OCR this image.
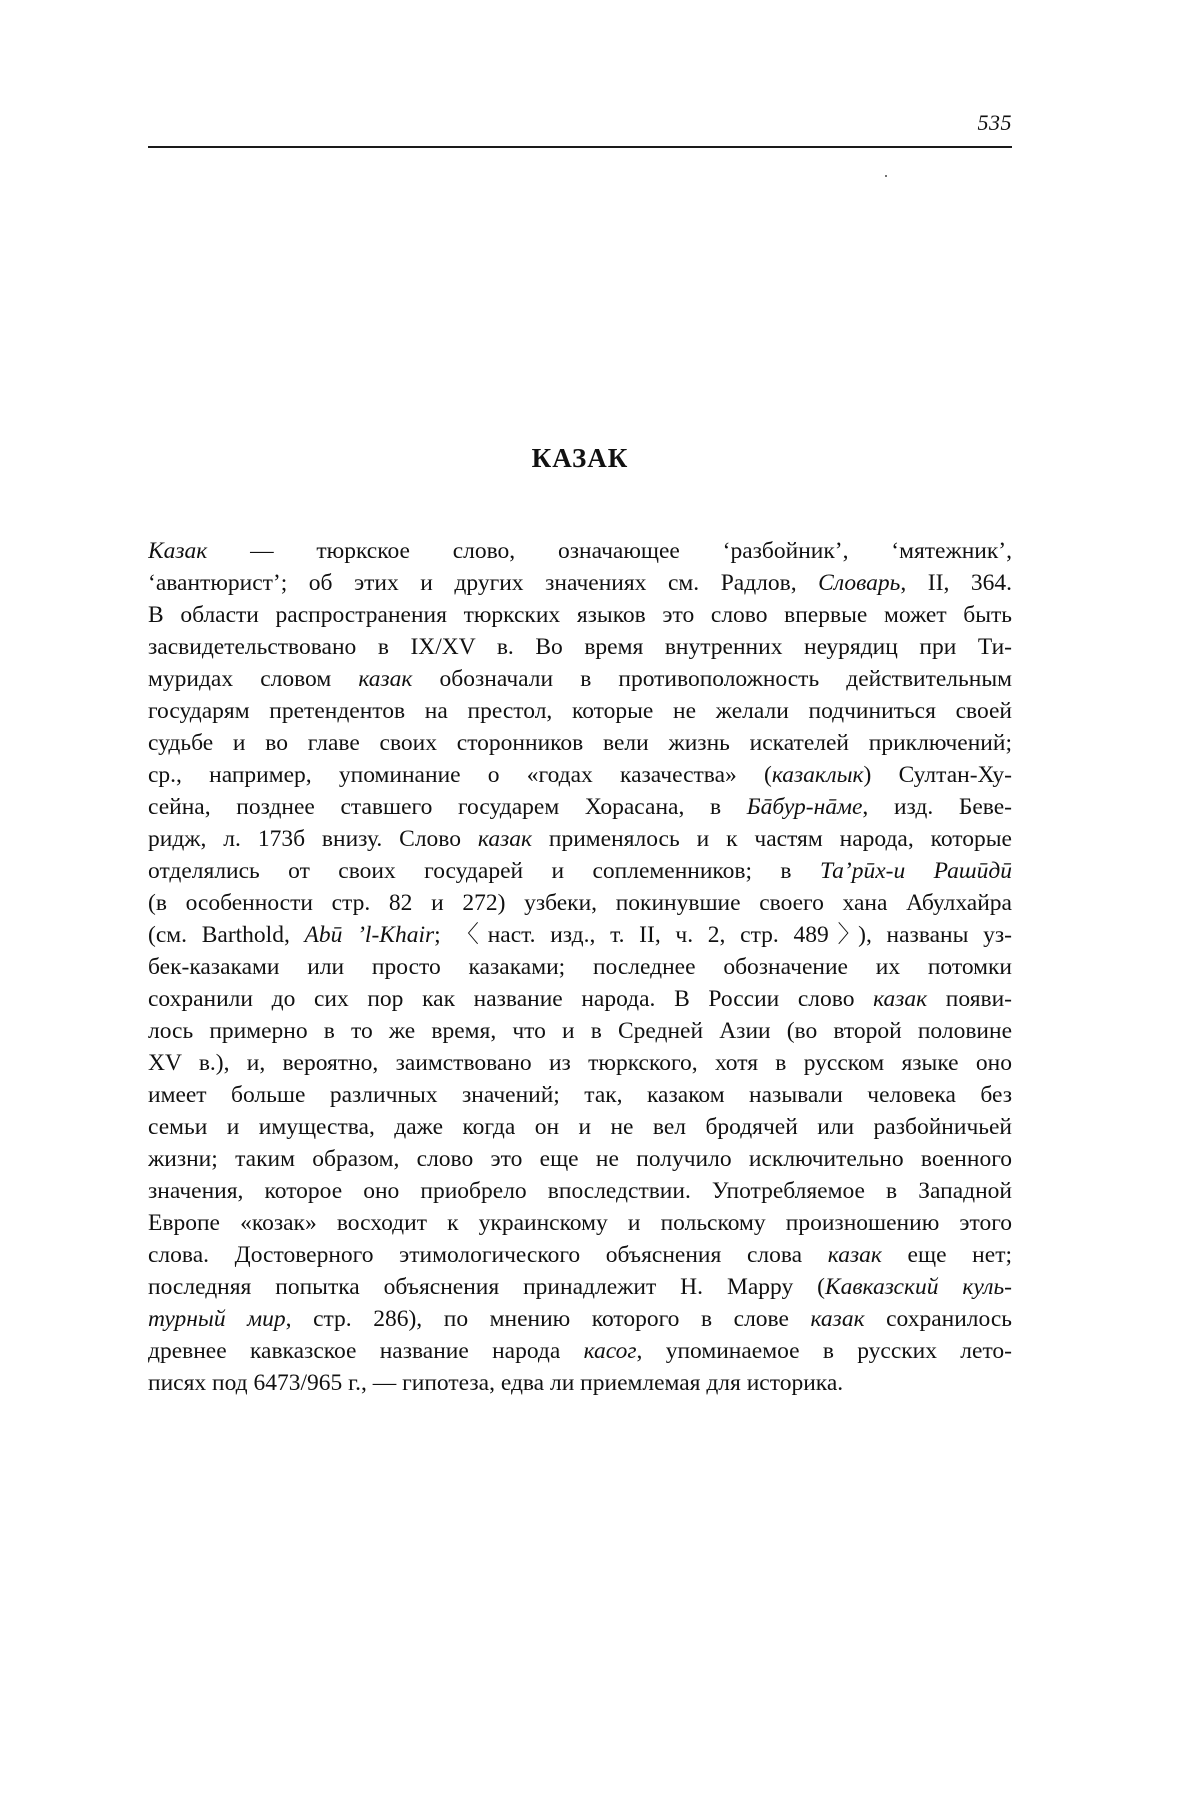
535
КАЗАК
Казак — тюркское слово, означающее ‘разбойник’, ‘мятежник’,
‘авантюрист’; об этих и других значениях см. Радлов, Словарь, II, 364.
В области распространения тюркских языков это слово впервые может быть
засвидетельствовано в IX/XV в. Во время внутренних неурядиц при Ти-
муридах словом казак обозначали в противоположность действительным
государям претендентов на престол, которые не желали подчиниться своей
судьбе и во главе своих сторонников вели жизнь искателей приключений;
ср., например, упоминание о «годах казачества» (казаклык) Султан-Ху-
сейна, позднее ставшего государем Хорасана, в Бāбур-нāме, изд. Беве-
ридж, л. 173б внизу. Слово казак применялось и к частям народа, которые
отделялись от своих государей и соплеменников; в Та’рūх-и Рашūдū
(в особенности стр. 82 и 272) узбеки, покинувшие своего хана Абулхайра
(см. Barthold, Abū ’l-Khair; 〈наст. изд., т. II, ч. 2, стр. 489〉), названы уз-
бек-казаками или просто казаками; последнее обозначение их потомки
сохранили до сих пор как название народа. В России слово казак появи-
лось примерно в то же время, что и в Средней Азии (во второй половине
XV в.), и, вероятно, заимствовано из тюркского, хотя в русском языке оно
имеет больше различных значений; так, казаком называли человека без
семьи и имущества, даже когда он и не вел бродячей или разбойничьей
жизни; таким образом, слово это еще не получило исключительно военного
значения, которое оно приобрело впоследствии. Употребляемое в Западной
Европе «козак» восходит к украинскому и польскому произношению этого
слова. Достоверного этимологического объяснения слова казак еще нет;
последняя попытка объяснения принадлежит Н. Марру (Кавказский куль-
турный мир, стр. 286), по мнению которого в слове казак сохранилось
древнее кавказское название народа касог, упоминаемое в русских лето-
писях под 6473/965 г., — гипотеза, едва ли приемлемая для историка.
